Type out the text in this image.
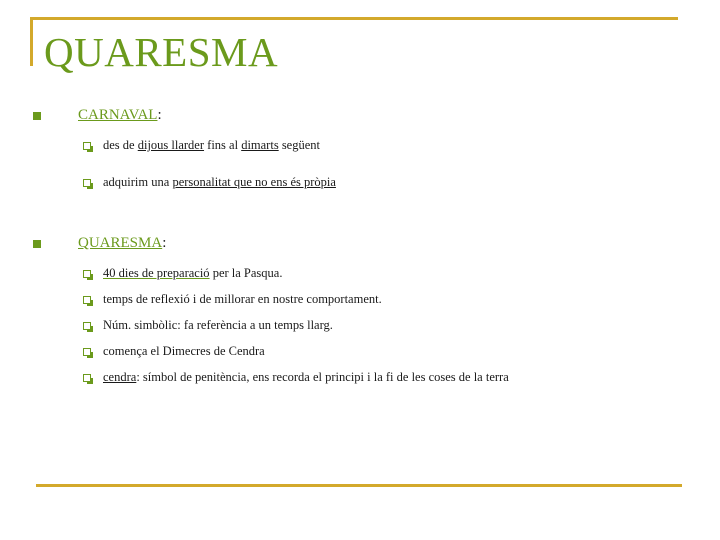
QUARESMA
CARNAVAL:
des de dijous llarder fins al dimarts següent
adquirim una personalitat que no ens és pròpia
QUARESMA:
40 dies de preparació per la Pasqua.
temps de reflexió i de millorar en nostre comportament.
Núm. simbòlic: fa referència a un temps llarg.
comença el Dimecres de Cendra
cendra: símbol de penitència, ens recorda el principi i la fi de les coses de la terra
